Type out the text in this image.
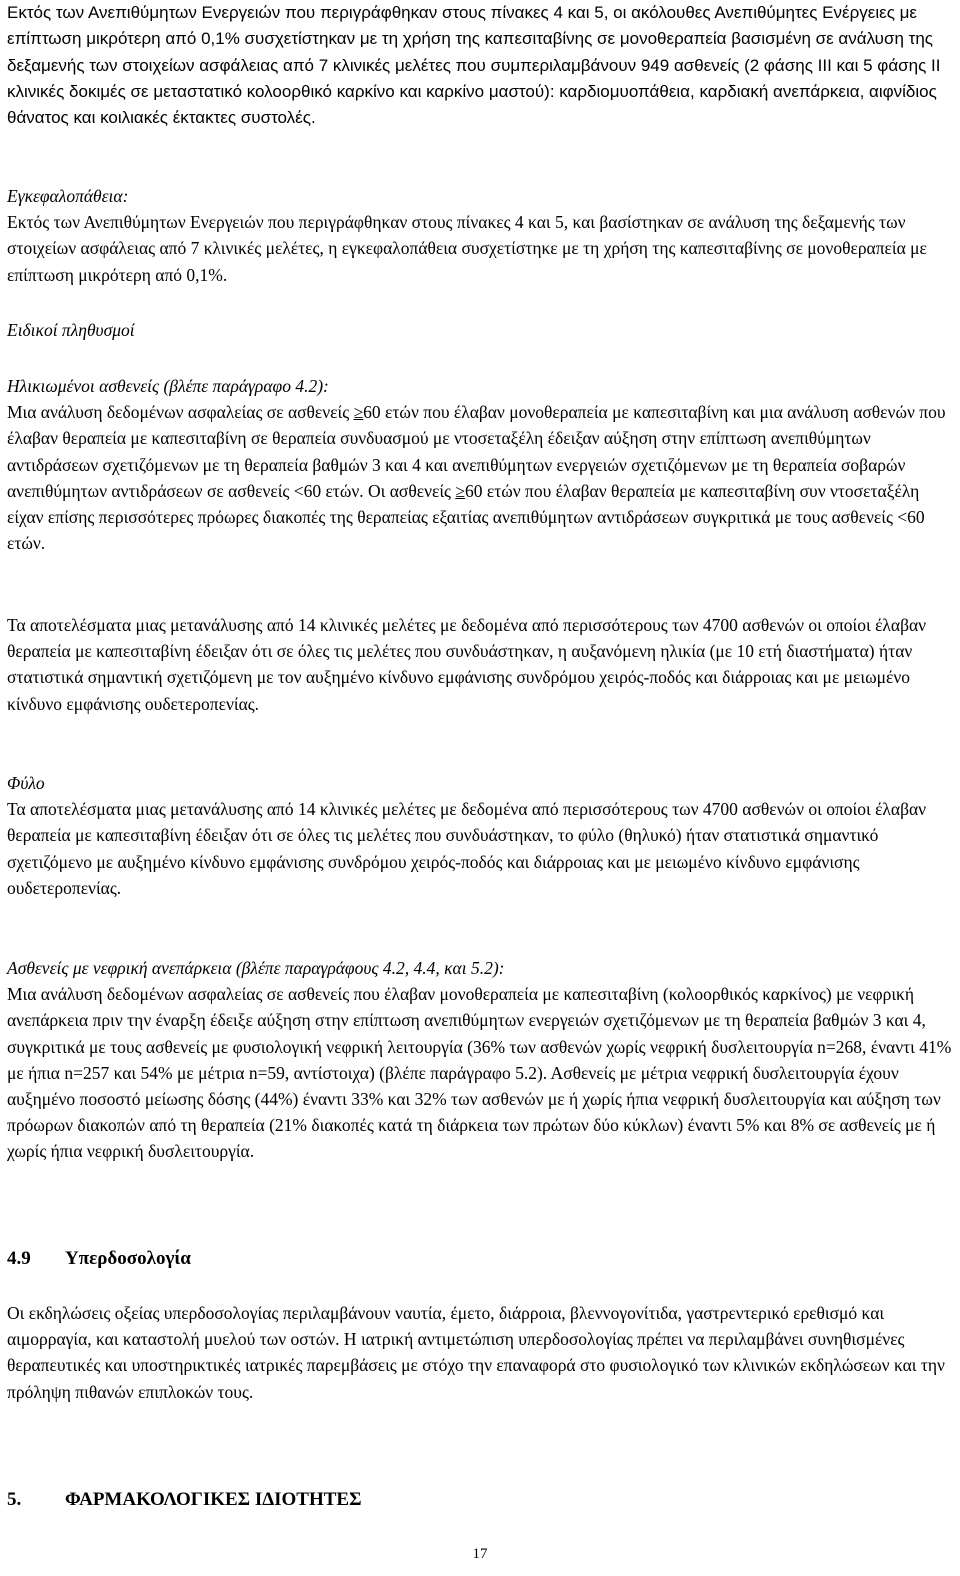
Εκτός των Ανεπιθύμητων Ενεργειών που περιγράφθηκαν στους πίνακες 4 και 5, οι ακόλουθες Ανεπιθύμητες Ενέργειες με επίπτωση μικρότερη από 0,1% συσχετίστηκαν με τη χρήση της καπεσιταβίνης σε μονοθεραπεία βασισμένη σε ανάλυση της δεξαμενής των στοιχείων ασφάλειας από 7 κλινικές μελέτες που συμπεριλαμβάνουν 949 ασθενείς (2 φάσης ΙΙΙ και 5 φάσης ΙΙ κλινικές δοκιμές σε μεταστατικό κολοορθικό καρκίνο και καρκίνο μαστού): καρδιομυοπάθεια, καρδιακή ανεπάρκεια, αιφνίδιος θάνατος και κοιλιακές έκτακτες συστολές.

Εγκεφαλοπάθεια:

Εκτός των Ανεπιθύμητων Ενεργειών που περιγράφθηκαν στους πίνακες 4 και 5, και βασίστηκαν σε ανάλυση της δεξαμενής των στοιχείων ασφάλειας από 7 κλινικές μελέτες, η εγκεφαλοπάθεια συσχετίστηκε με τη χρήση της καπεσιταβίνης σε μονοθεραπεία με επίπτωση μικρότερη από 0,1%.

Ειδικοί πληθυσμοί

Ηλικιωμένοι ασθενείς (βλέπε παράγραφο 4.2):

Μια ανάλυση δεδομένων ασφαλείας σε ασθενείς ≥60 ετών που έλαβαν μονοθεραπεία με καπεσιταβίνη και μια ανάλυση ασθενών που έλαβαν θεραπεία με καπεσιταβίνη σε θεραπεία συνδυασμού με ντοσεταξέλη έδειξαν αύξηση στην επίπτωση ανεπιθύμητων αντιδράσεων σχετιζόμενων με τη θεραπεία βαθμών 3 και 4 και ανεπιθύμητων ενεργειών σχετιζόμενων με τη θεραπεία σοβαρών ανεπιθύμητων αντιδράσεων σε ασθενείς <60 ετών. Οι ασθενείς ≥60 ετών που έλαβαν θεραπεία με καπεσιταβίνη συν ντοσεταξέλη είχαν επίσης περισσότερες πρόωρες διακοπές της θεραπείας εξαιτίας ανεπιθύμητων αντιδράσεων συγκριτικά με τους ασθενείς <60 ετών.

Τα αποτελέσματα μιας μετανάλυσης από 14 κλινικές μελέτες με δεδομένα από περισσότερους των 4700 ασθενών οι οποίοι έλαβαν θεραπεία με καπεσιταβίνη έδειξαν ότι σε όλες τις μελέτες που συνδυάστηκαν, η αυξανόμενη ηλικία (με 10 ετή διαστήματα) ήταν στατιστικά σημαντική σχετιζόμενη με τον αυξημένο κίνδυνο εμφάνισης συνδρόμου χειρός-ποδός και διάρροιας και με μειωμένο κίνδυνο εμφάνισης ουδετεροπενίας.

Φύλο

Τα αποτελέσματα μιας μετανάλυσης από 14 κλινικές μελέτες με δεδομένα από περισσότερους των 4700 ασθενών οι οποίοι έλαβαν θεραπεία με καπεσιταβίνη έδειξαν ότι σε όλες τις μελέτες που συνδυάστηκαν, το φύλο (θηλυκό) ήταν στατιστικά σημαντικό σχετιζόμενο με αυξημένο κίνδυνο εμφάνισης συνδρόμου χειρός-ποδός και διάρροιας και με μειωμένο κίνδυνο εμφάνισης ουδετεροπενίας.

Ασθενείς με νεφρική ανεπάρκεια (βλέπε παραγράφους 4.2, 4.4, και 5.2):

Μια ανάλυση δεδομένων ασφαλείας σε ασθενείς που έλαβαν μονοθεραπεία με καπεσιταβίνη (κολοορθικός καρκίνος) με νεφρική ανεπάρκεια πριν την έναρξη έδειξε αύξηση στην επίπτωση ανεπιθύμητων ενεργειών σχετιζόμενων με τη θεραπεία βαθμών 3 και 4, συγκριτικά με τους ασθενείς με φυσιολογική νεφρική λειτουργία (36% των ασθενών χωρίς νεφρική δυσλειτουργία n=268, έναντι 41% με ήπια n=257 και 54% με μέτρια n=59, αντίστοιχα) (βλέπε παράγραφο 5.2). Ασθενείς με μέτρια νεφρική δυσλειτουργία έχουν αυξημένο ποσοστό μείωσης δόσης (44%) έναντι 33% και 32% των ασθενών με ή χωρίς ήπια νεφρική δυσλειτουργία και αύξηση των πρόωρων διακοπών από τη θεραπεία (21% διακοπές κατά τη διάρκεια των πρώτων δύο κύκλων) έναντι 5% και 8% σε ασθενείς με ή χωρίς ήπια νεφρική δυσλειτουργία.

4.9 Υπερδοσολογία

Οι εκδηλώσεις οξείας υπερδοσολογίας περιλαμβάνουν ναυτία, έμετο, διάρροια, βλεννογονίτιδα, γαστρεντερικό ερεθισμό και αιμορραγία, και καταστολή μυελού των οστών. Η ιατρική αντιμετώπιση υπερδοσολογίας πρέπει να περιλαμβάνει συνηθισμένες θεραπευτικές και υποστηρικτικές ιατρικές παρεμβάσεις με στόχο την επαναφορά στο φυσιολογικό των κλινικών εκδηλώσεων και την πρόληψη πιθανών επιπλοκών τους.

5. ΦΑΡΜΑΚΟΛΟΓΙΚΕΣ ΙΔΙΟΤΗΤΕΣ

17
